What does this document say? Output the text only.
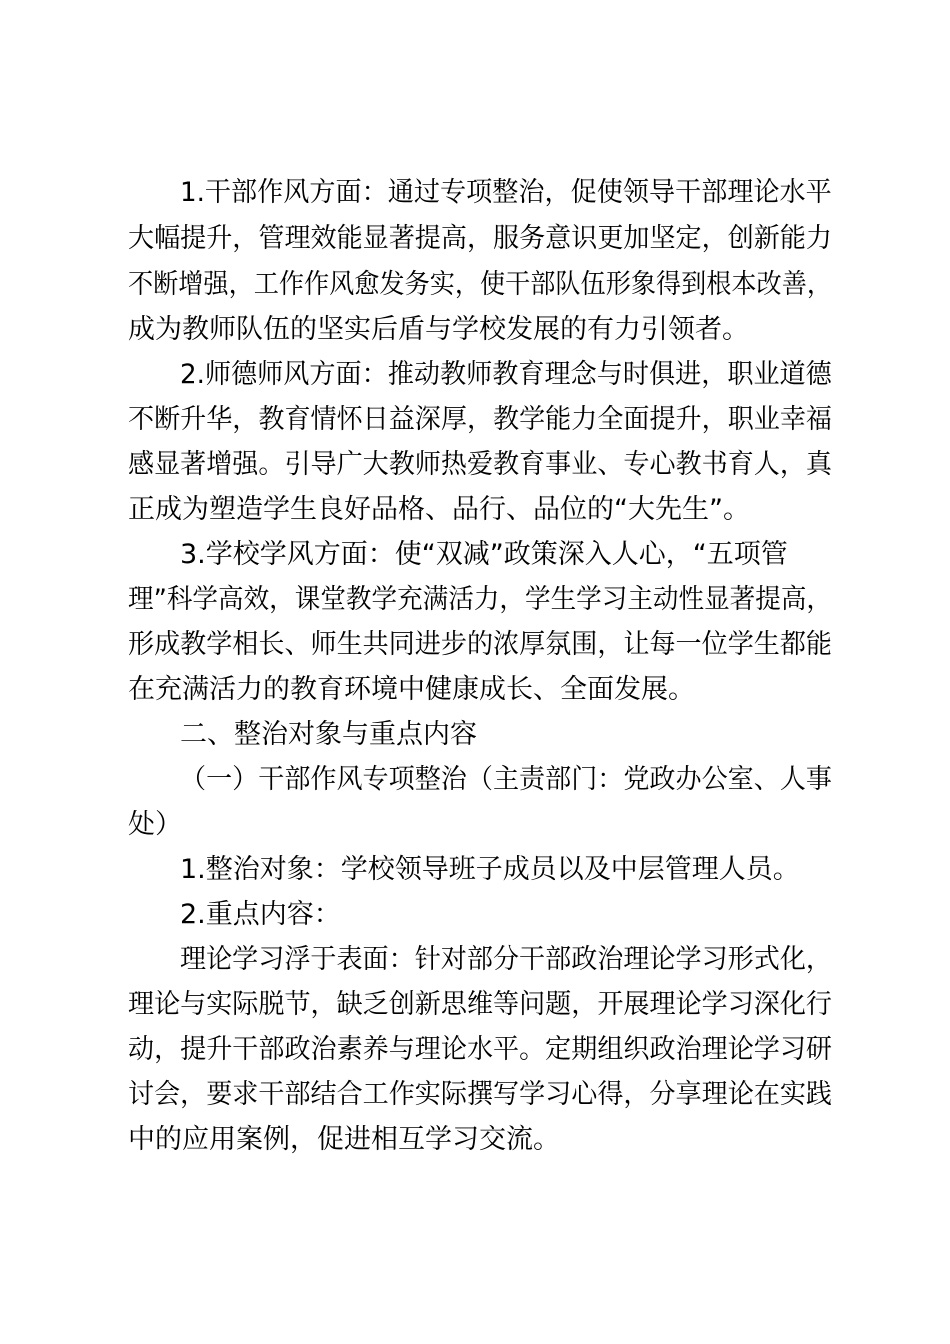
1.干部作风方面：通过专项整治，促使领导干部理论水平
大幅提升，管理效能显著提高，服务意识更加坚定，创新能力
不断增强，工作作风愈发务实，使干部队伍形象得到根本改善，
成为教师队伍的坚实后盾与学校发展的有力引领者。
2.师德师风方面：推动教师教育理念与时俱进，职业道德
不断升华，教育情怀日益深厚，教学能力全面提升，职业幸福
感显著增强。引导广大教师热爱教育事业、专心教书育人，真
正成为塑造学生良好品格、品行、品位的“大先生”。
3.学校学风方面：使“双减”政策深入人心，“五项管
理”科学高效，课堂教学充满活力，学生学习主动性显著提高，
形成教学相长、师生共同进步的浓厚氛围，让每一位学生都能
在充满活力的教育环境中健康成长、全面发展。
二、整治对象与重点内容
（一）干部作风专项整治（主责部门：党政办公室、人事
处）
1.整治对象：学校领导班子成员以及中层管理人员。
2.重点内容：
理论学习浮于表面：针对部分干部政治理论学习形式化，
理论与实际脱节，缺乏创新思维等问题，开展理论学习深化行
动，提升干部政治素养与理论水平。定期组织政治理论学习研
讨会，要求干部结合工作实际撰写学习心得，分享理论在实践
中的应用案例，促进相互学习交流。
